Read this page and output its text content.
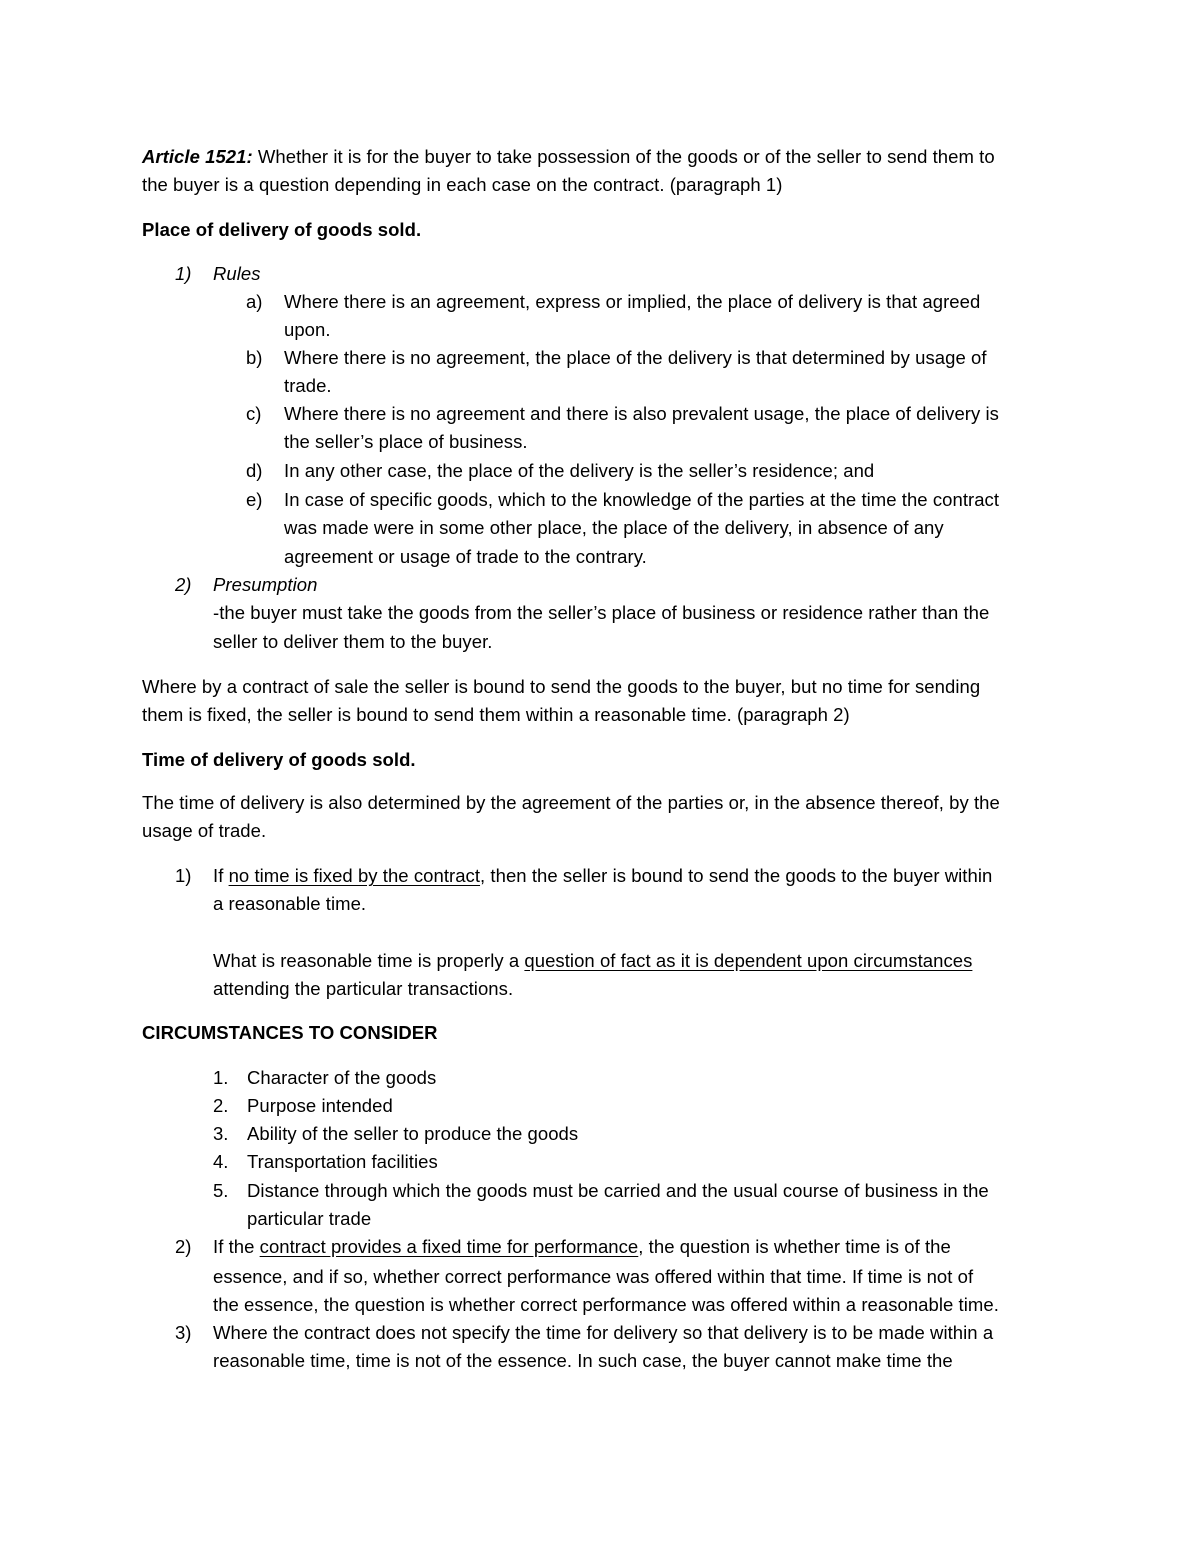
Article 1521: Whether it is for the buyer to take possession of the goods or of the seller to send them to
the buyer is a question depending in each case on the contract. (paragraph 1)
Place of delivery of goods sold.
1) Rules
a) Where there is an agreement, express or implied, the place of delivery is that agreed
upon.
b) Where there is no agreement, the place of the delivery is that determined by usage of
trade.
c) Where there is no agreement and there is also prevalent usage, the place of delivery is
the seller’s place of business.
d) In any other case, the place of the delivery is the seller’s residence; and
e) In case of specific goods, which to the knowledge of the parties at the time the contract
was made were in some other place, the place of the delivery, in absence of any
agreement or usage of trade to the contrary.
2) Presumption
-the buyer must take the goods from the seller’s place of business or residence rather than the
seller to deliver them to the buyer.
Where by a contract of sale the seller is bound to send the goods to the buyer, but no time for sending
them is fixed, the seller is bound to send them within a reasonable time. (paragraph 2)
Time of delivery of goods sold.
The time of delivery is also determined by the agreement of the parties or, in the absence thereof, by the
usage of trade.
1) If no time is fixed by the contract, then the seller is bound to send the goods to the buyer within
a reasonable time.
What is reasonable time is properly a question of fact as it is dependent upon circumstances
attending the particular transactions.
CIRCUMSTANCES TO CONSIDER
1. Character of the goods
2. Purpose intended
3. Ability of the seller to produce the goods
4. Transportation facilities
5. Distance through which the goods must be carried and the usual course of business in the
particular trade
2) If the contract provides a fixed time for performance, the question is whether time is of the
essence, and if so, whether correct performance was offered within that time. If time is not of
the essence, the question is whether correct performance was offered within a reasonable time.
3) Where the contract does not specify the time for delivery so that delivery is to be made within a
reasonable time, time is not of the essence. In such case, the buyer cannot make time the
